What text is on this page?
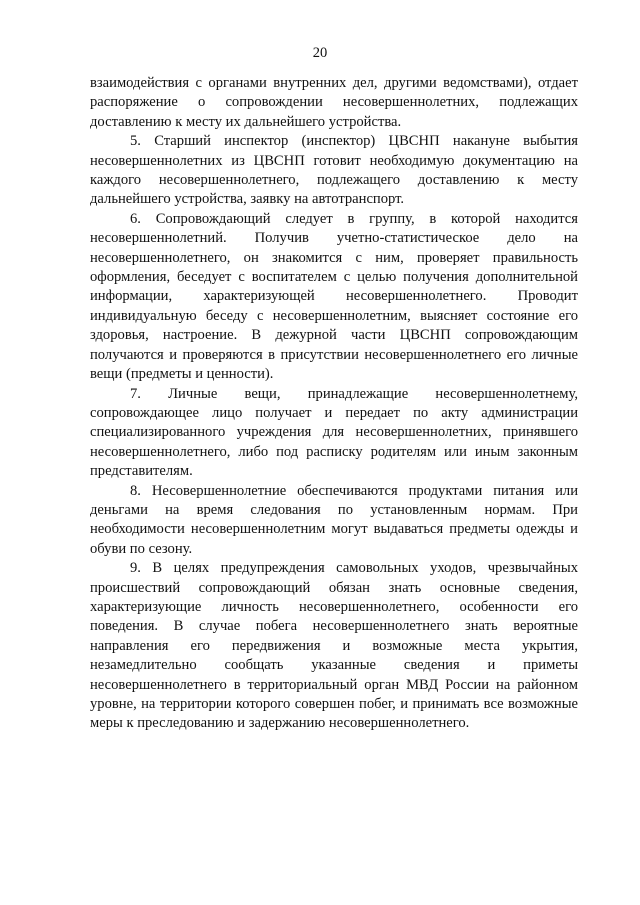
20

взаимодействия с органами внутренних дел, другими ведомствами), отдает распоряжение о сопровождении несовершеннолетних, подлежащих доставлению к месту их дальнейшего устройства.

5. Старший инспектор (инспектор) ЦВСНП накануне выбытия несовершеннолетних из ЦВСНП готовит необходимую документацию на каждого несовершеннолетнего, подлежащего доставлению к месту дальнейшего устройства, заявку на автотранспорт.

6. Сопровождающий следует в группу, в которой находится несовершеннолетний. Получив учетно-статистическое дело на несовершеннолетнего, он знакомится с ним, проверяет правильность оформления, беседует с воспитателем с целью получения дополнительной информации, характеризующей несовершеннолетнего. Проводит индивидуальную беседу с несовершеннолетним, выясняет состояние его здоровья, настроение. В дежурной части ЦВСНП сопровождающим получаются и проверяются в присутствии несовершеннолетнего его личные вещи (предметы и ценности).

7. Личные вещи, принадлежащие несовершеннолетнему, сопровождающее лицо получает и передает по акту администрации специализированного учреждения для несовершеннолетних, принявшего несовершеннолетнего, либо под расписку родителям или иным законным представителям.

8. Несовершеннолетние обеспечиваются продуктами питания или деньгами на время следования по установленным нормам. При необходимости несовершеннолетним могут выдаваться предметы одежды и обуви по сезону.

9. В целях предупреждения самовольных уходов, чрезвычайных происшествий сопровождающий обязан знать основные сведения, характеризующие личность несовершеннолетнего, особенности его поведения. В случае побега несовершеннолетнего знать вероятные направления его передвижения и возможные места укрытия, незамедлительно сообщать указанные сведения и приметы несовершеннолетнего в территориальный орган МВД России на районном уровне, на территории которого совершен побег, и принимать все возможные меры к преследованию и задержанию несовершеннолетнего.
